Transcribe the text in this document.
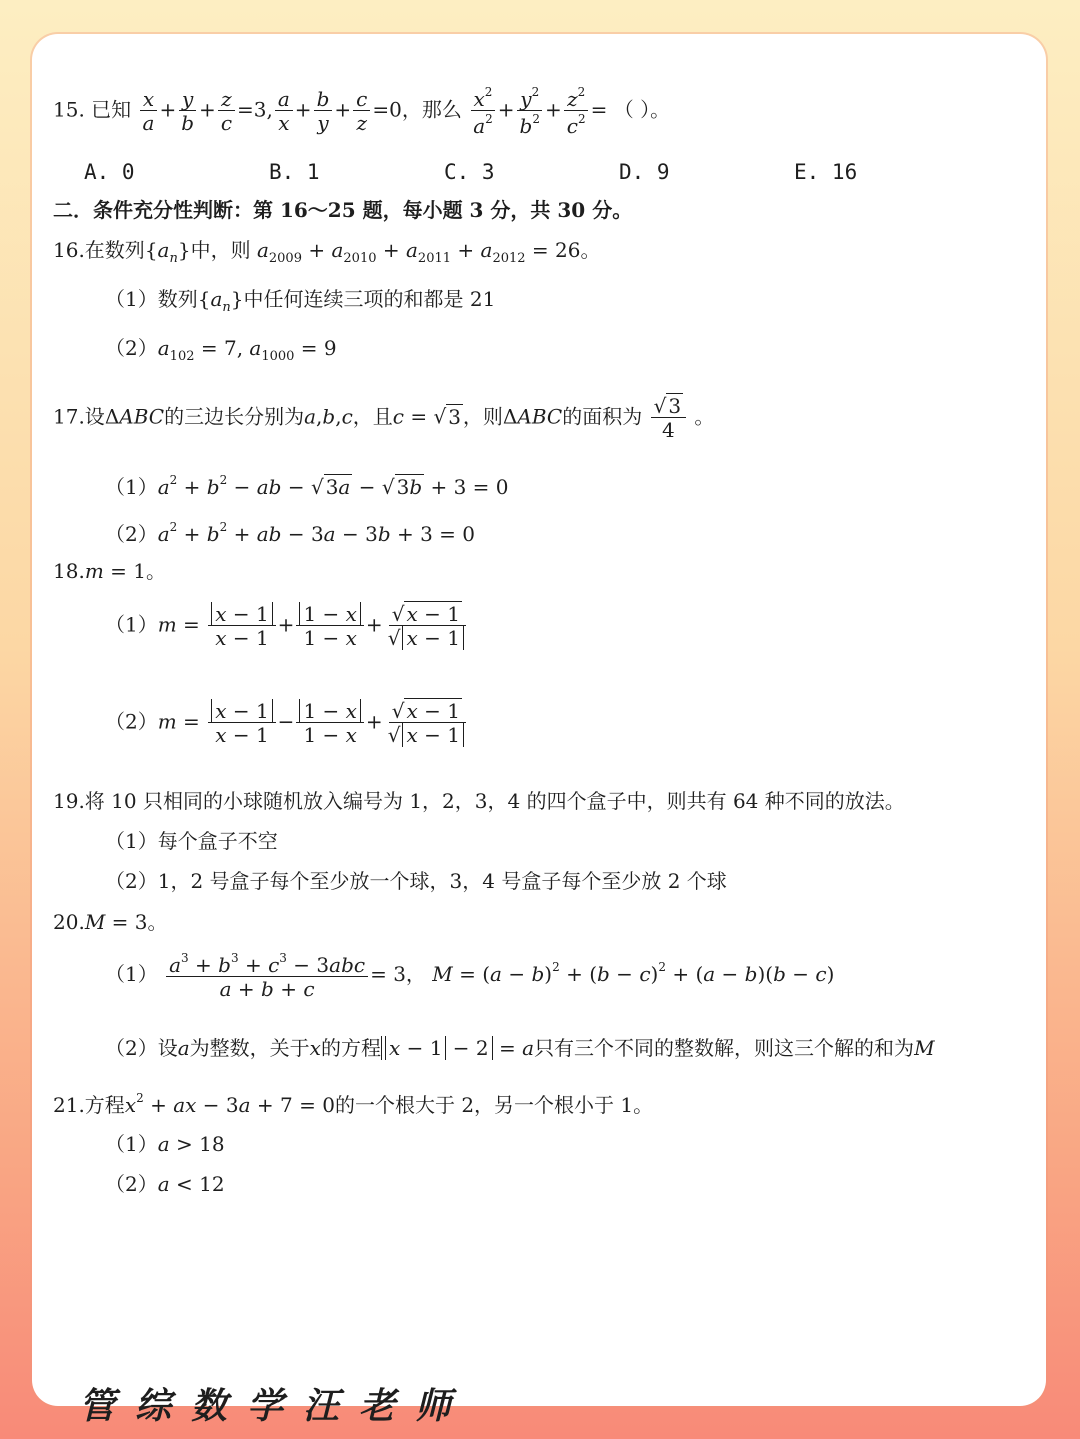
15. 已知 $\frac{x}{a} + \frac{y}{b} + \frac{z}{c} =3$, $\frac{a}{x} + \frac{b}{y} + \frac{c}{z} =0$，那么 $\frac{x^2}{a^2} + \frac{y^2}{b^2} + \frac{z^2}{c^2}$ = （ ）。
A. 0	B. 1	C. 3	D. 9	E. 16
二．条件充分性判断：第 16～25 题，每小题 3 分，共 30 分。
16.在数列$\{a_n\}$中，则 $a_{2009} + a_{2010} + a_{2011} + a_{2012} = 26$。
（1）数列$\{a_n\}$中任何连续三项的和都是 21
$(2)a_{102} = 7$, $a_{1000} = 9$
17.设ΔABC的三边长分别为a,b,c，且c = √ 3 ，则ΔABC的面积为 $\frac{√ 3}{4}$ 。
$(1)a^2 + b^2$ − ab − √ 3a − √ 3b + 3 = 0
$(2)a^2 + b^2$ + ab − 3a − 3b + 3 = 0
18.m = 1。
$(1)m = \frac{x - 1}{x - 1} + \frac{1 - x}{1 - x} + \frac{√ x - 1}{√ x - 1}$
$(2)m = \frac{x - 1}{x - 1} - \frac{1 - x}{1 - x} + \frac{√ x - 1}{√ x - 1}$
19.将 10 只相同的小球随机放入编号为 1，2，3，4 的四个盒子中，则共有 64 种不同的放法。
（1）每个盒子不空
（2）1，2 号盒子每个至少放一个球，3，4 号盒子每个至少放 2 个球
20.M = 3。
$(1) \frac{a^3 + b^3 + c^3 - 3abc}{a + b + c} = 3$， $M = (a - b)^2 + (b - c)^2 + (a - b)(b - c)$
（2）设a为整数，关于x的方程 x − 1 − 2 = a只有三个不同的整数解，则这三个解的和为M
21.方程$x^2$ + ax − 3a + 7 = 0的一个根大于 2，另一个根小于 1。
（1）a > 18
（2）a < 12
管综数学汪老师
